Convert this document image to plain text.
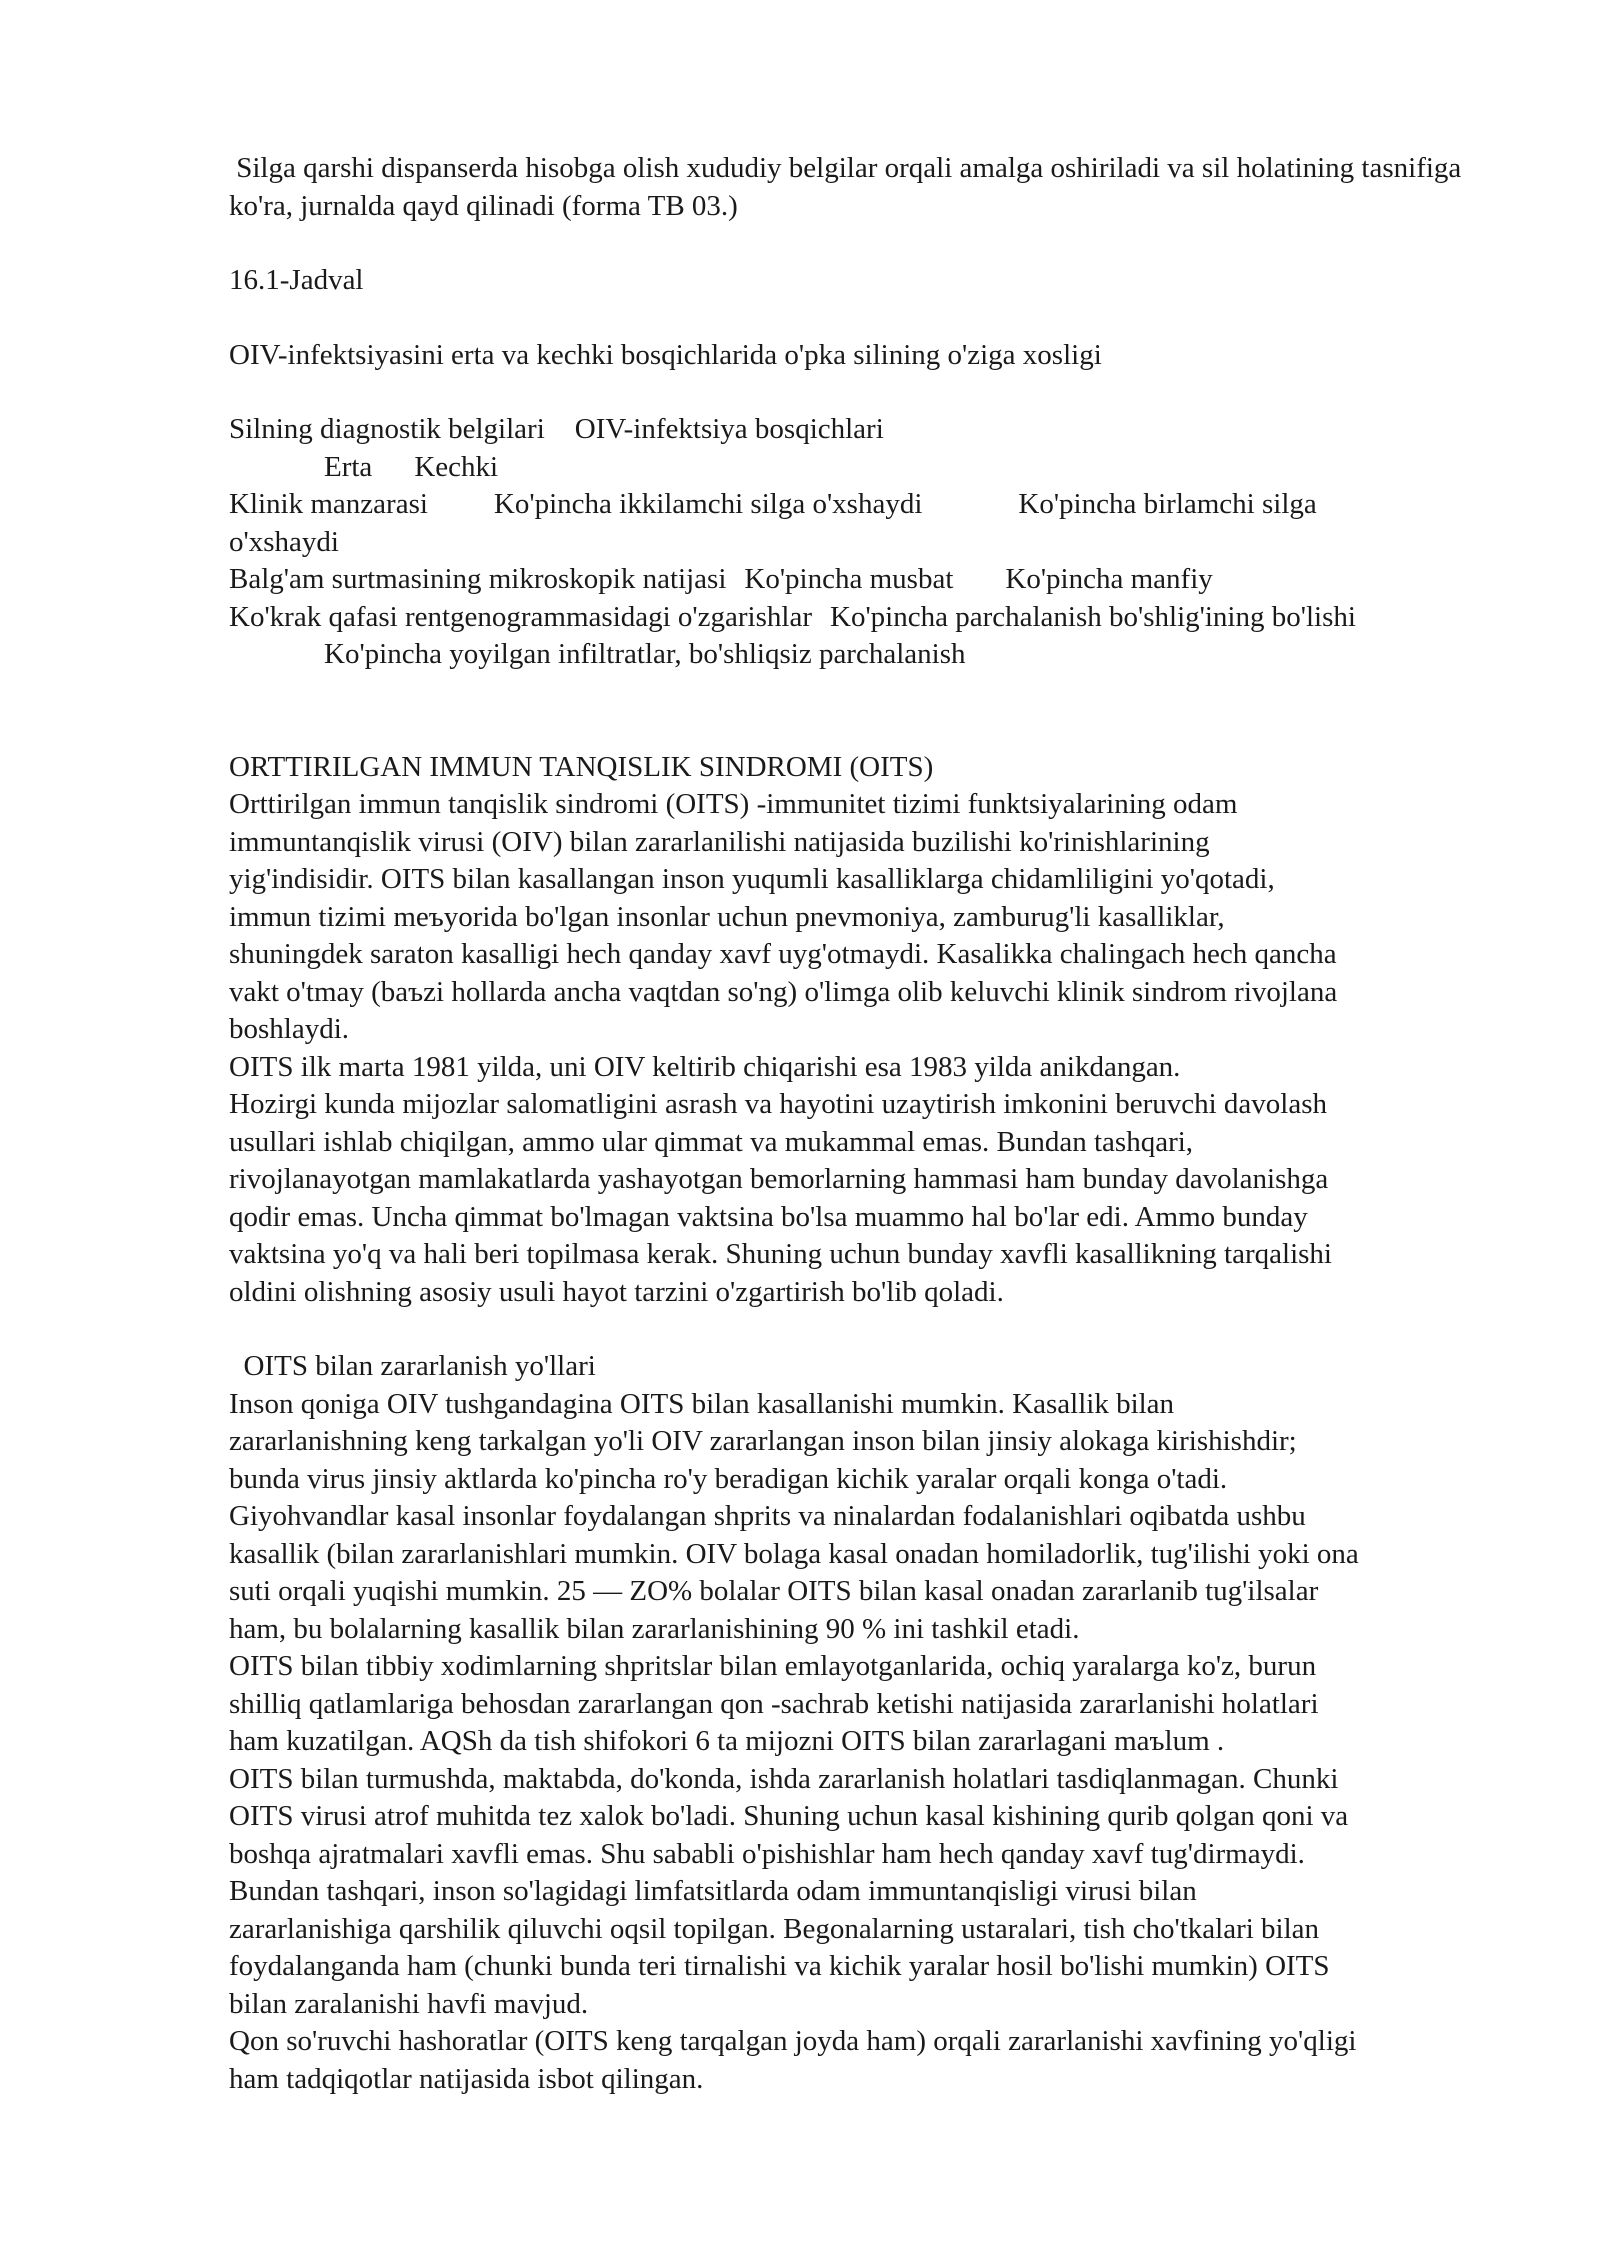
Silga qarshi dispanserda hisobga olish xududiy belgilar orqali amalga oshiriladi va sil holatining tasnifiga ko'ra, jurnalda qayd qilinadi (forma TB 03.)

16.1-Jadval

OIV-infektsiyasini erta va kechki bosqichlarida o'pka silining o'ziga xosligi

Silning diagnostik belgilari OIV-infektsiya bosqichlari

Erta Kechki

Klinik manzarasi Ko'pincha ikkilamchi silga o'xshaydi	Ko'pincha birlamchi silga

o'xshaydi

Balg'am surtmasining mikroskopik natijasi Ko'pincha musbat Ko'pincha manfiy

Ko'krak qafasi rentgenogrammasidagi o'zgarishlar Ko'pincha parchalanish bo'shlig'ining bo'lishi

Ko'pincha yoyilgan infiltratlar, bo'shliqsiz parchalanish

ORTTIRILGAN IMMUN TANQISLIK SINDROMI (OITS)

Orttirilgan immun tanqislik sindromi (OITS) -immunitet tizimi funktsiyalarining odam

immuntanqislik virusi (OIV) bilan zararlanilishi natijasida buzilishi ko'rinishlarining

yig'indisidir. OITS bilan kasallangan inson yuqumli kasalliklarga chidamliligini yo'qotadi,

immun tizimi meъyorida bo'lgan insonlar uchun pnevmoniya, zamburug'li kasalliklar,

shuningdek saraton kasalligi hech qanday xavf uyg'otmaydi. Kasalikka chalingach hech qancha

vakt o'tmay (baъzi hollarda ancha vaqtdan so'ng) o'limga olib keluvchi klinik sindrom rivojlana

boshlaydi.

OITS ilk marta 1981 yilda, uni OIV keltirib chiqarishi esa 1983 yilda anikdangan.

Hozirgi kunda mijozlar salomatligini asrash va hayotini uzaytirish imkonini beruvchi davolash

usullari ishlab chiqilgan, ammo ular qimmat va mukammal emas. Bundan tashqari,

rivojlanayotgan mamlakatlarda yashayotgan bemorlarning hammasi ham bunday davolanishga

qodir emas. Uncha qimmat bo'lmagan vaktsina bo'lsa muammo hal bo'lar edi. Ammo bunday

vaktsina yo'q va hali beri topilmasa kerak. Shuning uchun bunday xavfli kasallikning tarqalishi

oldini olishning asosiy usuli hayot tarzini o'zgartirish bo'lib qoladi.

OITS bilan zararlanish yo'llari

Inson qoniga OIV tushgandagina OITS bilan kasallanishi mumkin. Kasallik bilan

zararlanishning keng tarkalgan yo'li OIV zararlangan inson bilan jinsiy alokaga kirishishdir;

bunda virus jinsiy aktlarda ko'pincha ro'y beradigan kichik yaralar orqali konga o'tadi.

Giyohvandlar kasal insonlar foydalangan shprits va ninalardan fodalanishlari oqibatda ushbu

kasallik (bilan zararlanishlari mumkin. OIV bolaga kasal onadan homiladorlik, tug'ilishi yoki ona

suti orqali yuqishi mumkin. 25 — ZO% bolalar OITS bilan kasal onadan zararlanib tug'ilsalar

ham, bu bolalarning kasallik bilan zararlanishining 90 % ini tashkil etadi.

OITS bilan tibbiy xodimlarning shpritslar bilan emlayotganlarida, ochiq yaralarga ko'z, burun

shilliq qatlamlariga behosdan zararlangan qon -sachrab ketishi natijasida zararlanishi holatlari

ham kuzatilgan. AQSh da tish shifokori 6 ta mijozni OITS bilan zararlagani maъlum .

OITS bilan turmushda, maktabda, do'konda, ishda zararlanish holatlari tasdiqlanmagan. Chunki

OITS virusi atrof muhitda tez xalok bo'ladi. Shuning uchun kasal kishining qurib qolgan qoni va

boshqa ajratmalari xavfli emas. Shu sababli o'pishishlar ham hech qanday xavf tug'dirmaydi.

Bundan tashqari, inson so'lagidagi limfatsitlarda odam immuntanqisligi virusi bilan

zararlanishiga qarshilik qiluvchi oqsil topilgan. Begonalarning ustaralari, tish cho'tkalari bilan

foydalanganda ham (chunki bunda teri tirnalishi va kichik yaralar hosil bo'lishi mumkin) OITS

bilan zaralanishi havfi mavjud.

Qon so'ruvchi hashoratlar (OITS keng tarqalgan joyda ham) orqali zararlanishi xavfining yo'qligi

ham tadqiqotlar natijasida isbot qilingan.
